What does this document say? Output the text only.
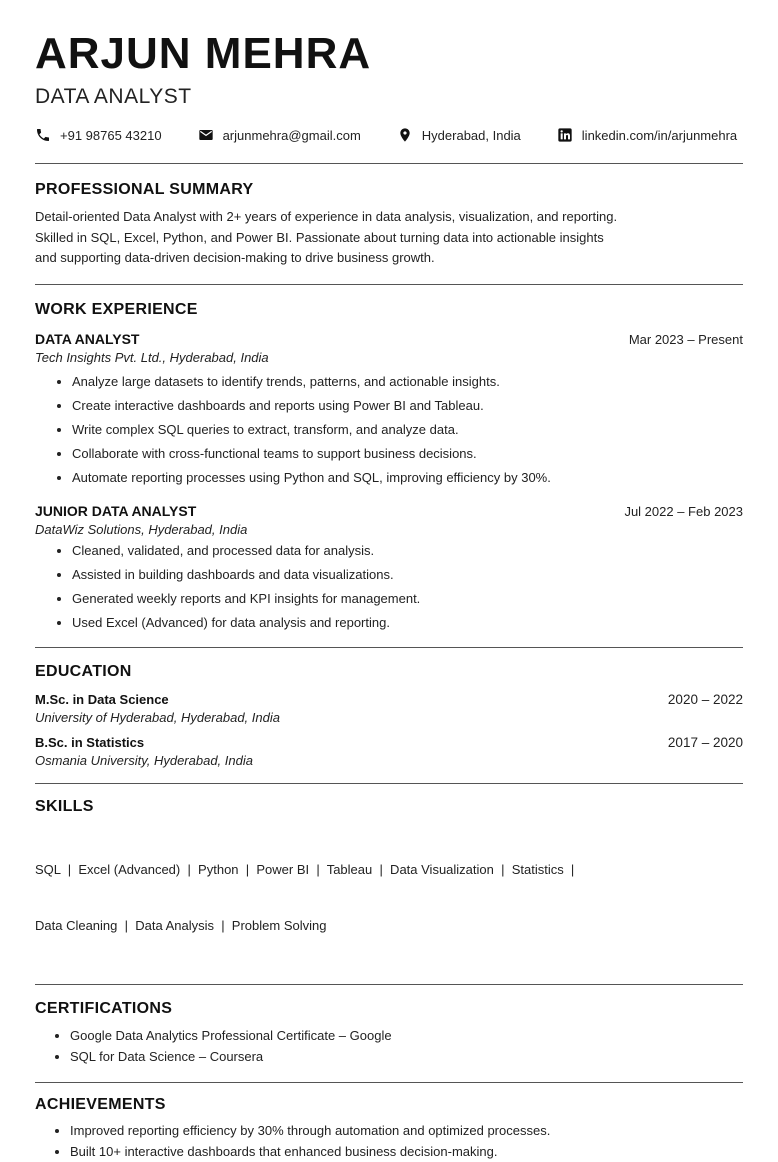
ARJUN MEHRA
DATA ANALYST
+91 98765 43210	arjunmehra@gmail.com	Hyderabad, India	linkedin.com/in/arjunmehra
PROFESSIONAL SUMMARY
Detail-oriented Data Analyst with 2+ years of experience in data analysis, visualization, and reporting.
Skilled in SQL, Excel, Python, and Power BI. Passionate about turning data into actionable insights
and supporting data-driven decision-making to drive business growth.
WORK EXPERIENCE
DATA ANALYST	Mar 2023 – Present
Tech Insights Pvt. Ltd., Hyderabad, India
• Analyze large datasets to identify trends, patterns, and actionable insights.
• Create interactive dashboards and reports using Power BI and Tableau.
• Write complex SQL queries to extract, transform, and analyze data.
• Collaborate with cross-functional teams to support business decisions.
• Automate reporting processes using Python and SQL, improving efficiency by 30%.
JUNIOR DATA ANALYST	Jul 2022 – Feb 2023
DataWiz Solutions, Hyderabad, India
• Cleaned, validated, and processed data for analysis.
• Assisted in building dashboards and data visualizations.
• Generated weekly reports and KPI insights for management.
• Used Excel (Advanced) for data analysis and reporting.
EDUCATION
M.Sc. in Data Science	2020 – 2022
University of Hyderabad, Hyderabad, India
B.Sc. in Statistics	2017 – 2020
Osmania University, Hyderabad, India
SKILLS

SQL  |  Excel (Advanced)  |  Python  |  Power BI  |  Tableau  |  Data Visualization  |  Statistics  |

Data Cleaning  |  Data Analysis  |  Problem Solving

CERTIFICATIONS
• Google Data Analytics Professional Certificate – Google
• SQL for Data Science – Coursera
ACHIEVEMENTS
• Improved reporting efficiency by 30% through automation and optimized processes.
• Built 10+ interactive dashboards that enhanced business decision-making.
